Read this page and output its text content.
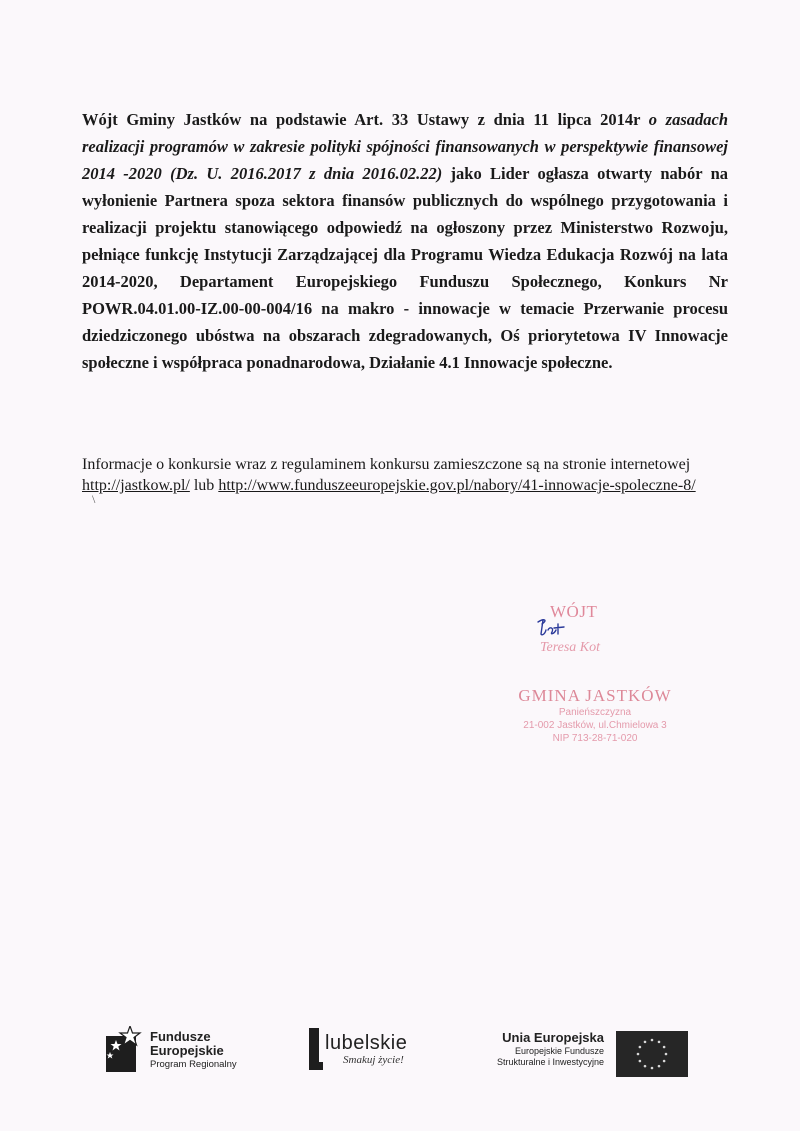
Wójt Gminy Jastków na podstawie Art. 33 Ustawy z dnia 11 lipca 2014r o zasadach realizacji programów w zakresie polityki spójności finansowanych w perspektywie finansowej 2014 -2020 (Dz. U. 2016.2017 z dnia 2016.02.22) jako Lider ogłasza otwarty nabór na wyłonienie Partnera spoza sektora finansów publicznych do wspólnego przygotowania i realizacji projektu stanowiącego odpowiedź na ogłoszony przez Ministerstwo Rozwoju, pełniące funkcję Instytucji Zarządzającej dla Programu Wiedza Edukacja Rozwój na lata 2014-2020, Departament Europejskiego Funduszu Społecznego, Konkurs Nr POWR.04.01.00-IZ.00-00-004/16 na makro - innowacje w temacie Przerwanie procesu dziedziczonego ubóstwa na obszarach zdegradowanych, Oś priorytetowa IV Innowacje społeczne i współpraca ponadnarodowa, Działanie 4.1 Innowacje społeczne.

Informacje o konkursie wraz z regulaminem konkursu zamieszczone są na stronie internetowej
http://jastkow.pl/ lub http://www.funduszeeuropejskie.gov.pl/nabory/41-innowacje-spoleczne-8/

\
WÓJT
Teresa Kot
GMINA JASTKÓW
Panieńszczyzna
21-002 Jastków, ul.Chmielowa 3
NIP 713-28-71-020
Fundusze
Europejskie
Program Regionalny
lubelskie
Smakuj życie!
Unia Europejska
Europejskie Fundusze
Strukturalne i Inwestycyjne
